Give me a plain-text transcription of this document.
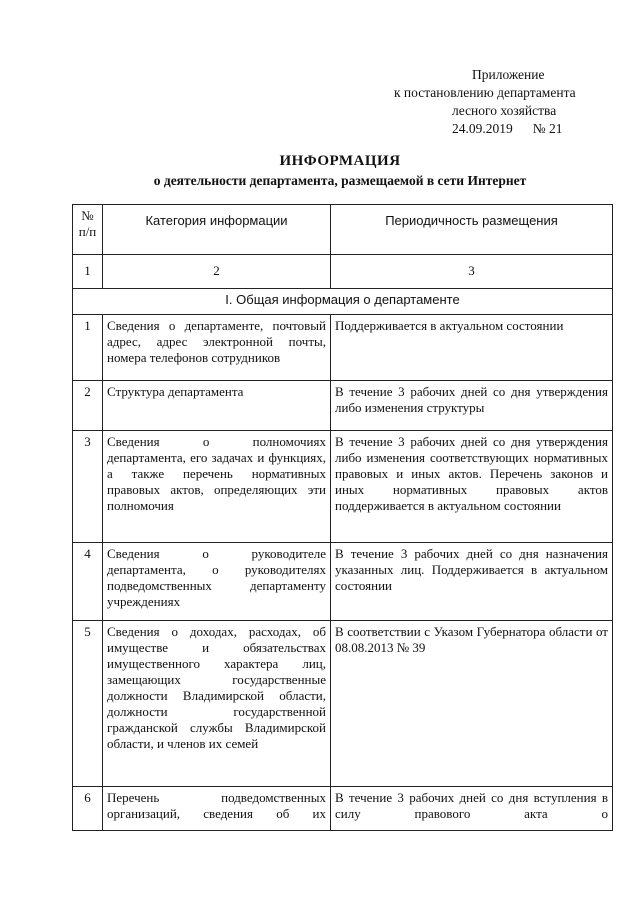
Приложение
к постановлению департамента
лесного хозяйства
24.09.2019 № 21
ИНФОРМАЦИЯ
о деятельности департамента, размещаемой в сети Интернет
№ п/п	Категория информации	Периодичность размещения
1	2	3
I. Общая информация о департаменте		
1	Сведения о департаменте, почтовый адрес, адрес электронной почты, номера телефонов сотрудников	Поддерживается в актуальном состоянии
2	Структура департамента	В течение 3 рабочих дней со дня утверждения либо изменения структуры
3	Сведения о полномочиях департамента, его задачах и функциях, а также перечень нормативных правовых актов, определяющих эти полномочия	В течение 3 рабочих дней со дня утверждения либо изменения соответствующих нормативных правовых и иных актов. Перечень законов и иных нормативных правовых актов поддерживается в актуальном состоянии
4	Сведения о руководителе департамента, о руководителях подведомственных департаменту учреждениях	В течение 3 рабочих дней со дня назначения указанных лиц. Поддерживается в актуальном состоянии
5	Сведения о доходах, расходах, об имуществе и обязательствах имущественного характера лиц, замещающих государственные должности Владимирской области, должности государственной гражданской службы Владимирской области, и членов их семей	В соответствии с Указом Губернатора области от 08.08.2013 № 39
6	Перечень подведомственных организаций, сведения об их	В течение 3 рабочих дней со дня вступления в силу правового акта о
